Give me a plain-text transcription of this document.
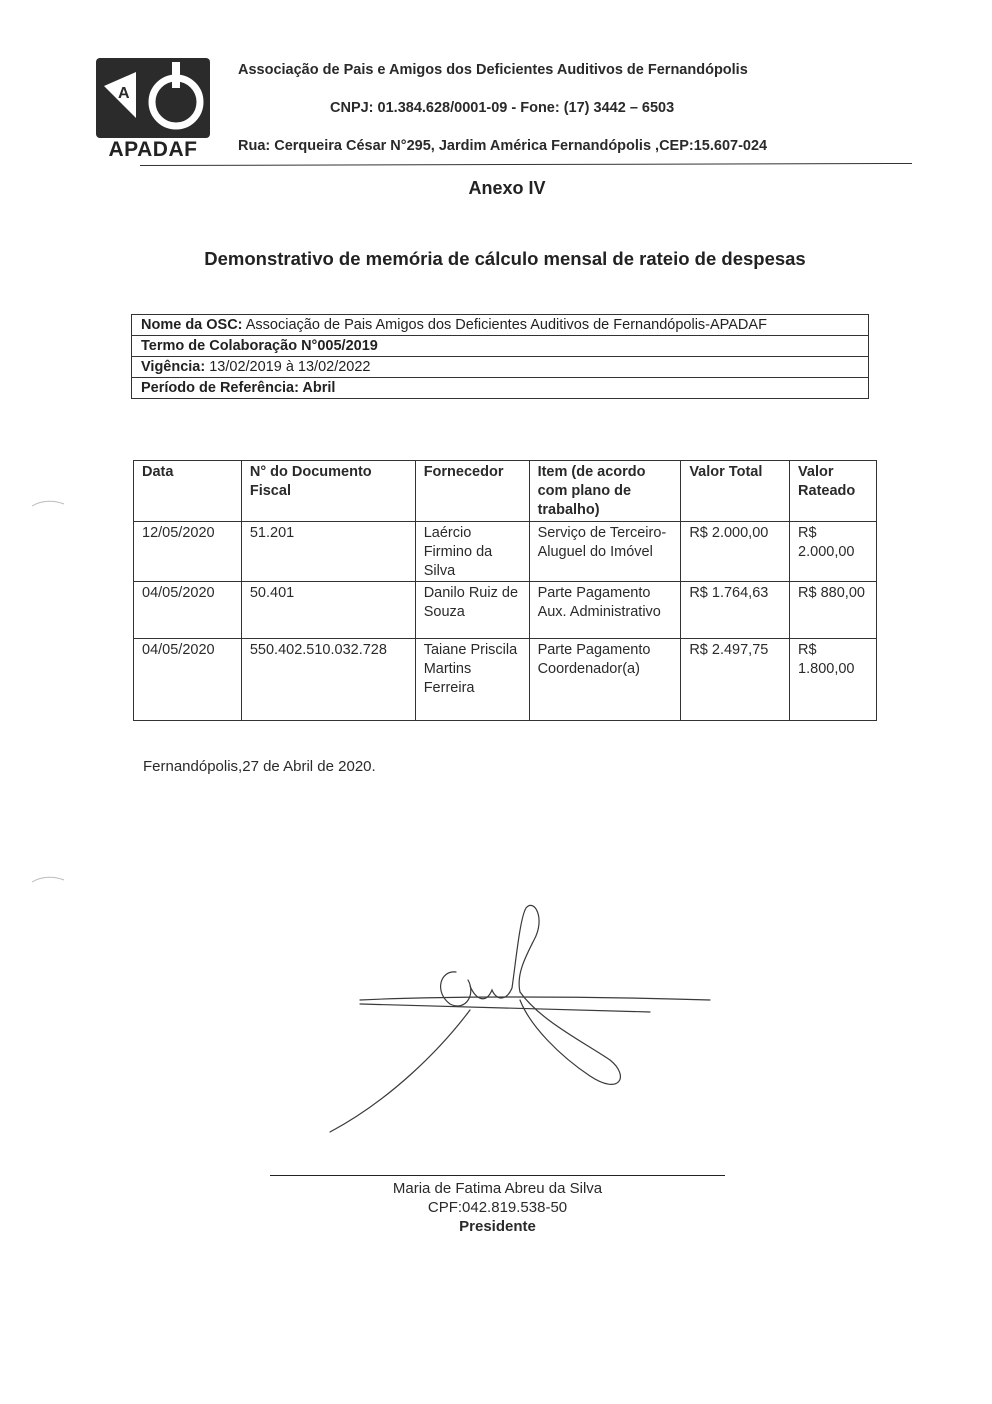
A
APADAF
Associação de Pais e Amigos dos Deficientes Auditivos de Fernandópolis
CNPJ: 01.384.628/0001-09 - Fone: (17) 3442 – 6503
Rua: Cerqueira César N°295, Jardim América Fernandópolis ,CEP:15.607-024
Anexo IV
Demonstrativo de memória de cálculo mensal de rateio de despesas
Nome da OSC: Associação de Pais Amigos dos Deficientes Auditivos de Fernandópolis-APADAF
Termo de Colaboração N°005/2019
Vigência: 13/02/2019 à 13/02/2022
Período de Referência: Abril
Data	N° do Documento Fiscal	Fornecedor	Item (de acordo com plano de trabalho)	Valor Total	Valor Rateado
12/05/2020	51.201	Laércio Firmino da Silva	Serviço de Terceiro- Aluguel do Imóvel	R$ 2.000,00	R$ 2.000,00
04/05/2020	50.401	Danilo Ruiz de Souza	Parte Pagamento Aux. Administrativo	R$ 1.764,63	R$ 880,00
04/05/2020	550.402.510.032.728	Taiane Priscila Martins Ferreira	Parte Pagamento Coordenador(a)	R$ 2.497,75	R$ 1.800,00
Fernandópolis,27 de Abril de 2020.
Maria de Fatima Abreu da Silva
CPF:042.819.538-50
Presidente
